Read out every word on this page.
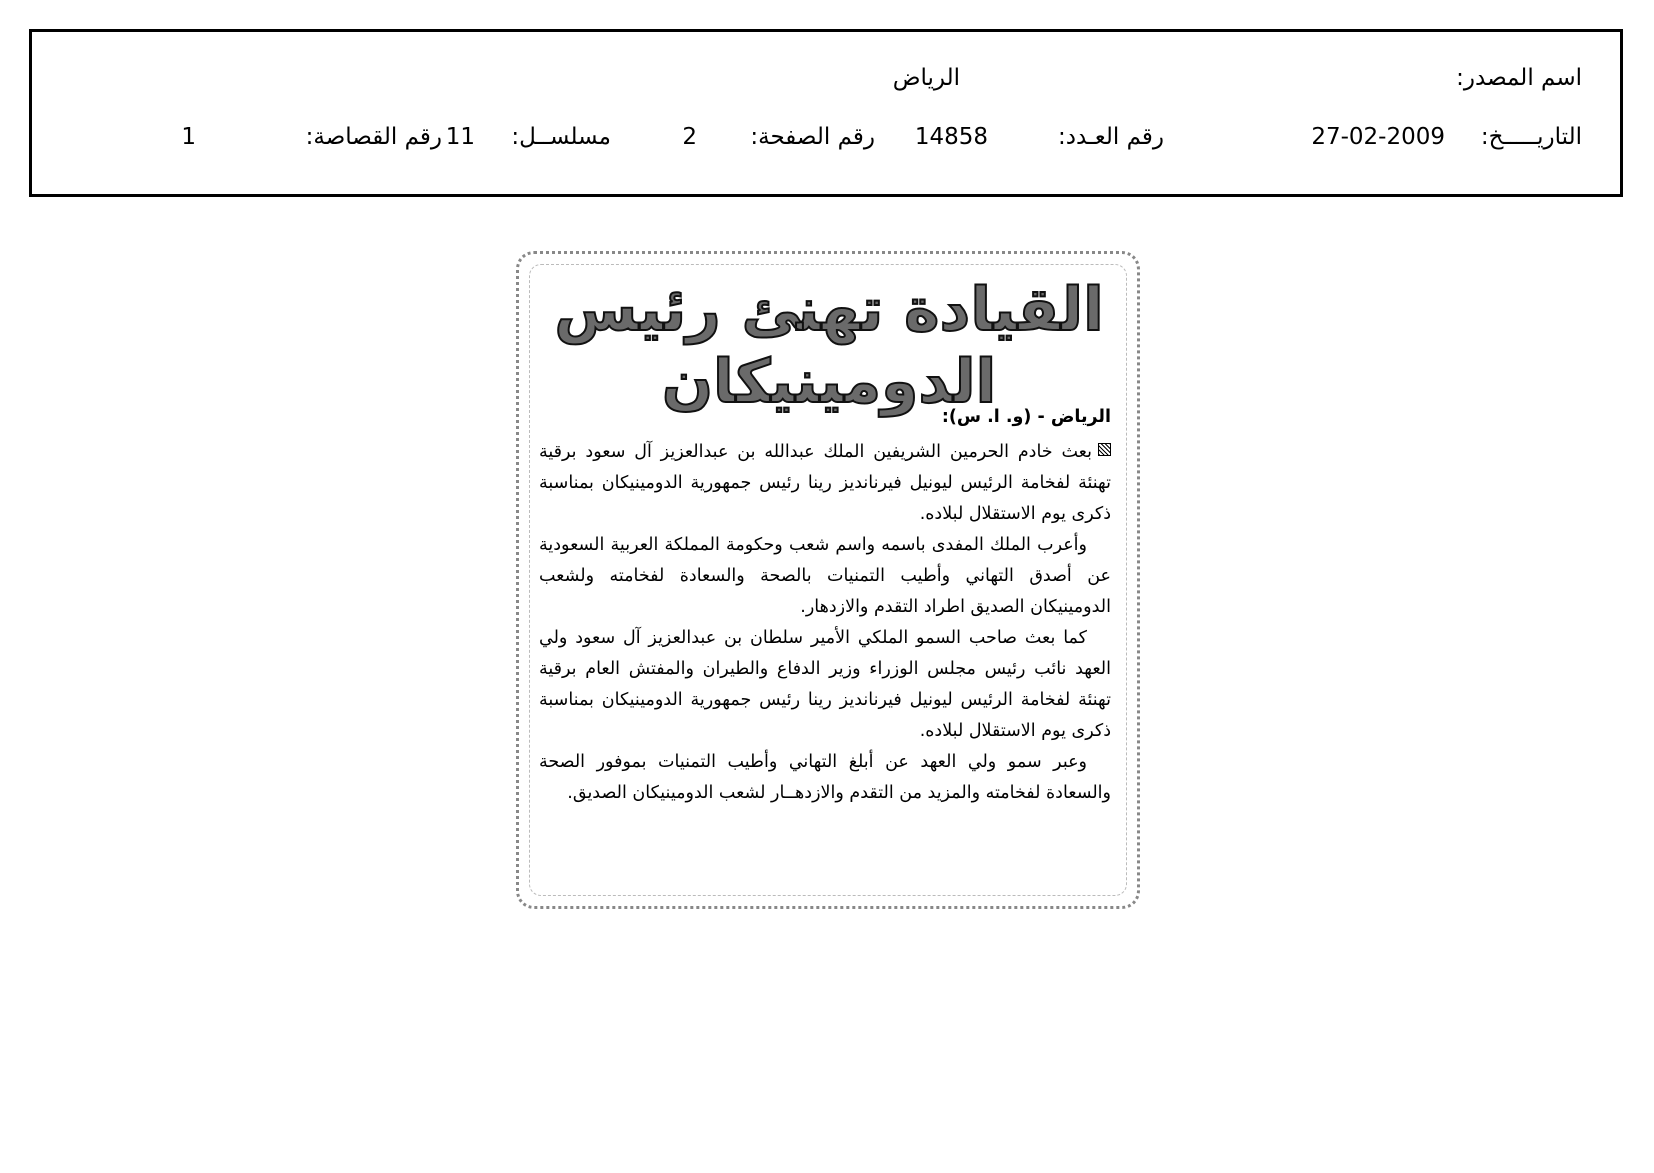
اسم المصدر:
الرياض
التاريـــــخ:
27-02-2009
رقم العـدد:
14858
رقم الصفحة:
2
مسلســل:
11
رقم القصاصة:
1
القيادة تهنئ رئيس الدومينيكان

الرياض - (و. ا. س):

بعث خادم الحرمين الشريفين الملك عبدالله بن عبدالعزيز آل سعود برقية تهنئة لفخامة الرئيس ليونيل فيرنانديز رينا رئيس جمهورية الدومينيكان بمناسبة ذكرى يوم الاستقلال لبلاده.

وأعرب الملك المفدى باسمه واسم شعب وحكومة المملكة العربية السعودية عن أصدق التهاني وأطيب التمنيات بالصحة والسعادة لفخامته ولشعب الدومينيكان الصديق اطراد التقدم والازدهار.

كما بعث صاحب السمو الملكي الأمير سلطان بن عبدالعزيز آل سعود ولي العهد نائب رئيس مجلس الوزراء وزير الدفاع والطيران والمفتش العام برقية تهنئة لفخامة الرئيس ليونيل فيرنانديز رينا رئيس جمهورية الدومينيكان بمناسبة ذكرى يوم الاستقلال لبلاده.

وعبر سمو ولي العهد عن أبلغ التهاني وأطيب التمنيات بموفور الصحة والسعادة لفخامته والمزيد من التقدم والازدهــار لشعب الدومينيكان الصديق.
